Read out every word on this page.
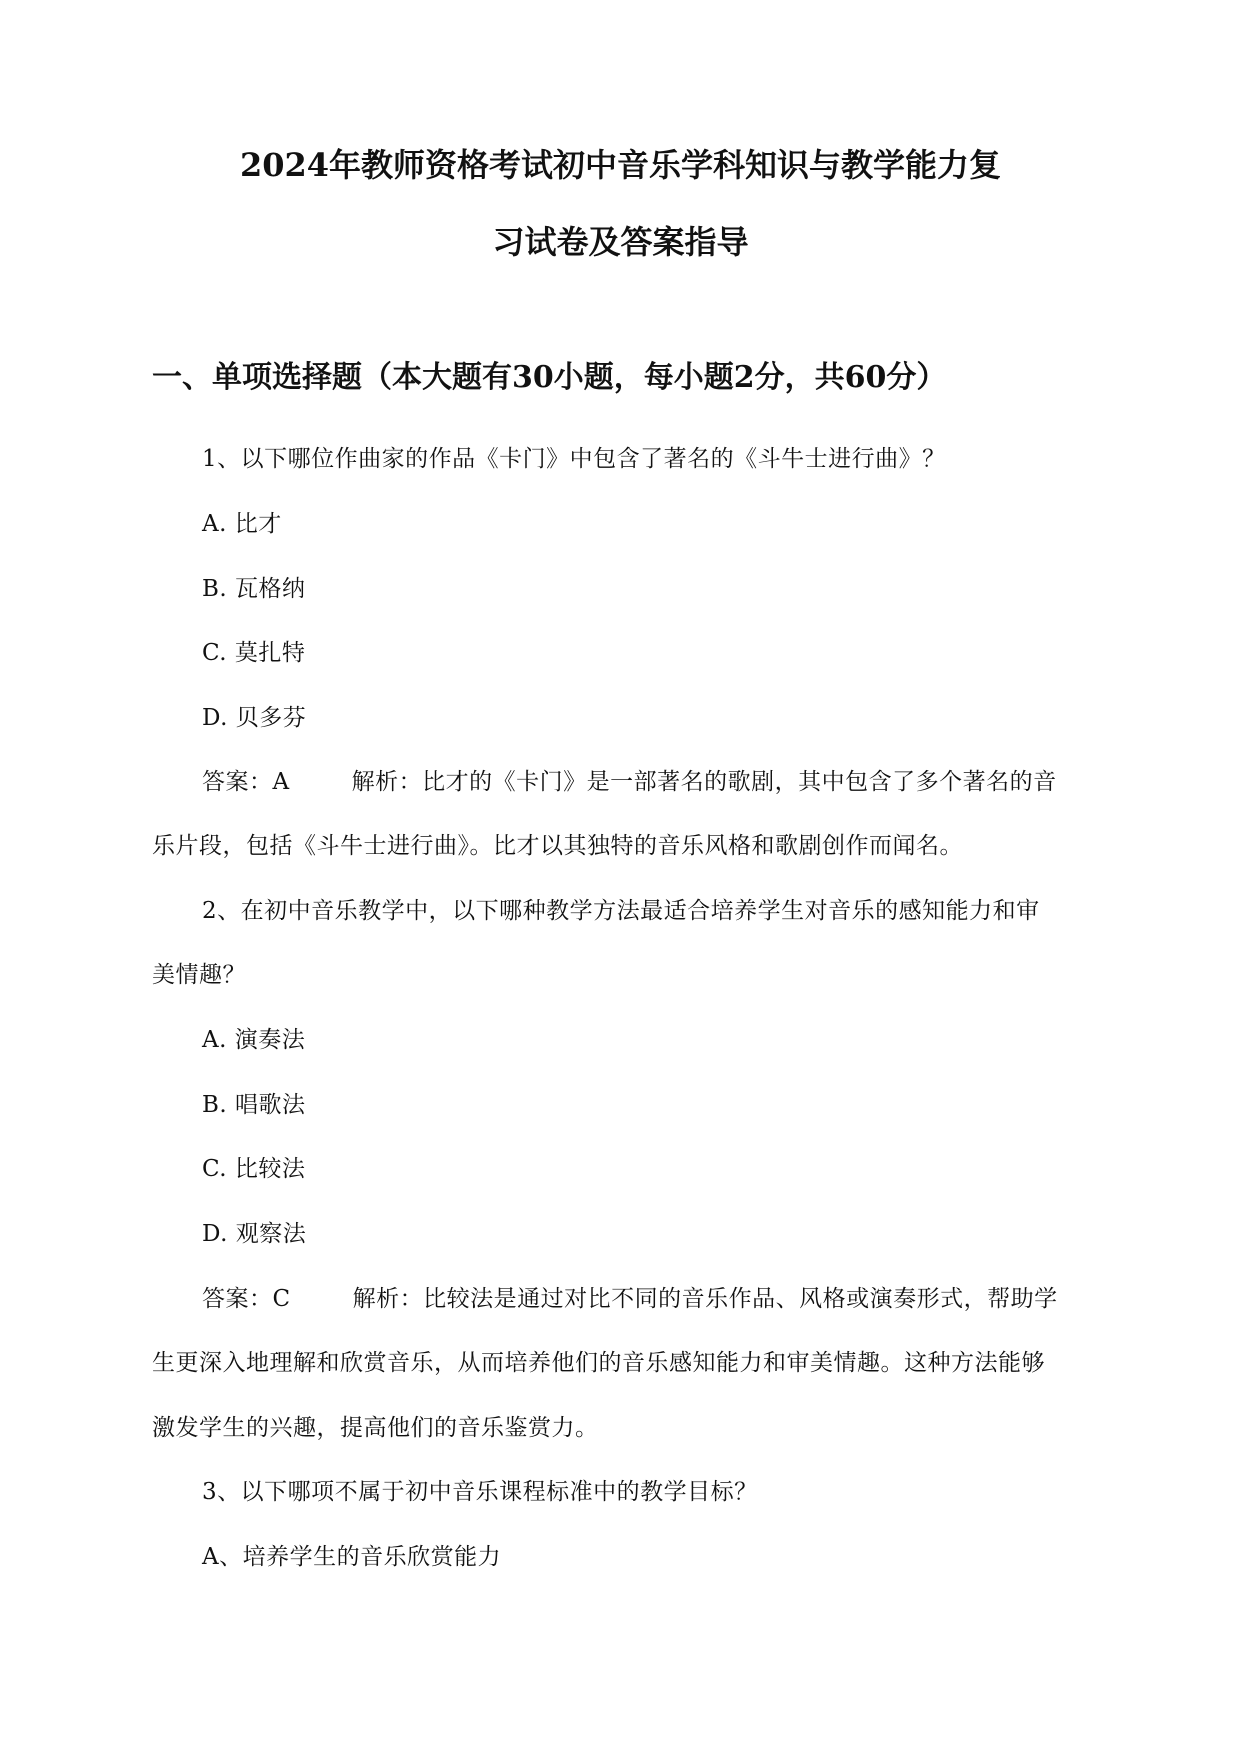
2024年教师资格考试初中音乐学科知识与教学能力复
习试卷及答案指导
一、单项选择题（本大题有30小题，每小题2分，共60分）
1、以下哪位作曲家的作品《卡门》中包含了著名的《斗牛士进行曲》？
A. 比才
B. 瓦格纳
C. 莫扎特
D. 贝多芬
答案：A	解析：比才的《卡门》是一部著名的歌剧，其中包含了多个著名的音
乐片段，包括《斗牛士进行曲》。比才以其独特的音乐风格和歌剧创作而闻名。
2、在初中音乐教学中，以下哪种教学方法最适合培养学生对音乐的感知能力和审
美情趣？
A. 演奏法
B. 唱歌法
C. 比较法
D. 观察法
答案：C	解析：比较法是通过对比不同的音乐作品、风格或演奏形式，帮助学
生更深入地理解和欣赏音乐，从而培养他们的音乐感知能力和审美情趣。这种方法能够
激发学生的兴趣，提高他们的音乐鉴赏力。
3、以下哪项不属于初中音乐课程标准中的教学目标？
A、培养学生的音乐欣赏能力
